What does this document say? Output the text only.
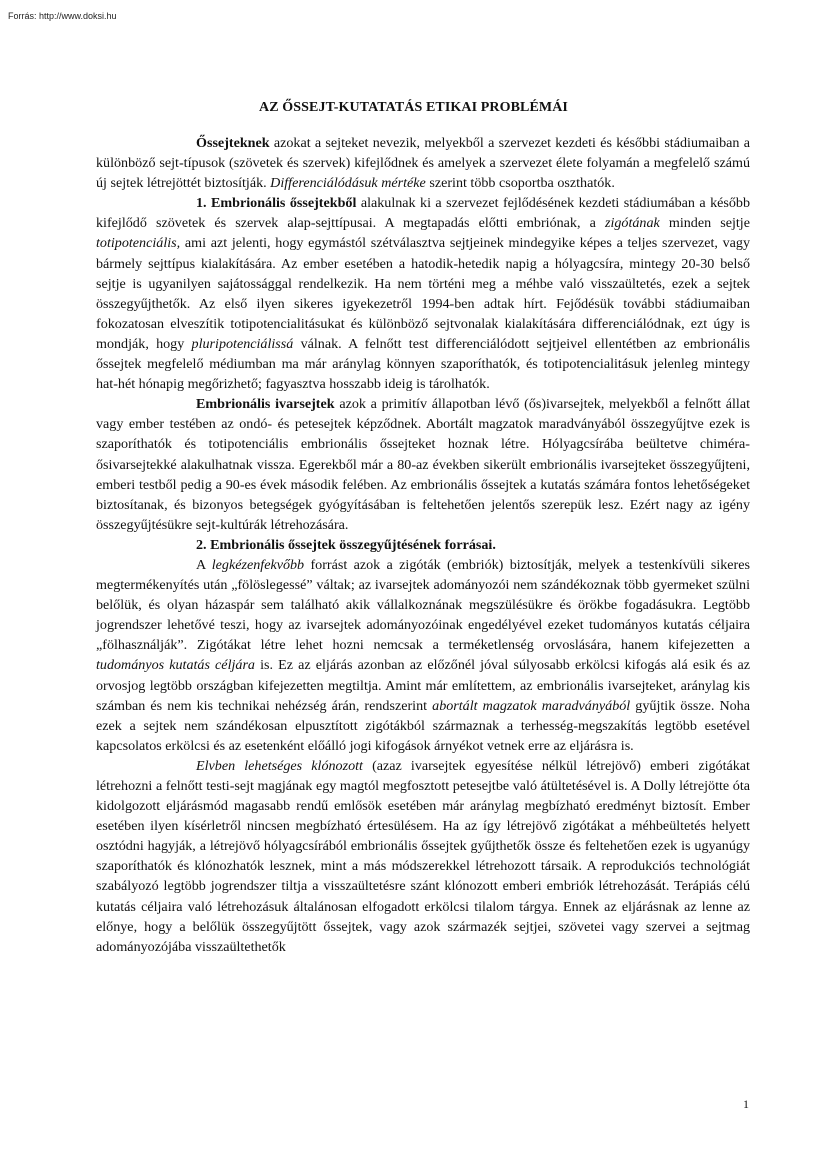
Forrás: http://www.doksi.hu
AZ ŐSSEJT-KUTATATÁS ETIKAI PROBLÉMÁI

Őssejteknek azokat a sejteket nevezik, melyekből a szervezet kezdeti és későbbi stádiumaiban a különböző sejt-típusok (szövetek és szervek) kifejlődnek és amelyek a szervezet élete folyamán a megfelelő számú új sejtek létrejöttét biztosítják. Differenciálódásuk mértéke szerint több csoportba oszthatók.

1. Embrionális őssejtekből alakulnak ki a szervezet fejlődésének kezdeti stádiumában a később kifejlődő szövetek és szervek alap-sejttípusai. A megtapadás előtti embriónak, a zigótának minden sejtje totipotenciális, ami azt jelenti, hogy egymástól szétválasztva sejtjeinek mindegyike képes a teljes szervezet, vagy bármely sejttípus kialakítására. Az ember esetében a hatodik-hetedik napig a hólyagcsíra, mintegy 20-30 belső sejtje is ugyanilyen sajátossággal rendelkezik. Ha nem történi meg a méhbe való visszaültetés, ezek a sejtek összegyűjthetők. Az első ilyen sikeres igyekezetről 1994-ben adtak hírt. Fejődésük további stádiumaiban fokozatosan elveszítik totipotencialitásukat és különböző sejtvonalak kialakítására differenciálódnak, ezt úgy is mondják, hogy pluripotenciálissá válnak. A felnőtt test differenciálódott sejtjeivel ellentétben az embrionális őssejtek megfelelő médiumban ma már aránylag könnyen szaporíthatók, és totipotencialitásuk jelenleg mintegy hat-hét hónapig megőrizhető; fagyasztva hosszabb ideig is tárolhatók.

Embrionális ivarsejtek azok a primitív állapotban lévő (ős)ivarsejtek, melyekből a felnőtt állat vagy ember testében az ondó- és petesejtek képződnek. Abortált magzatok maradványából összegyűjtve ezek is szaporíthatók és totipotenciális embrionális őssejteket hoznak létre. Hólyagcsírába beültetve chiméra-ősivarsejtekké alakulhatnak vissza. Egerekből már a 80-az években sikerült embrionális ivarsejteket összegyűjteni, emberi testből pedig a 90-es évek második felében. Az embrionális őssejtek a kutatás számára fontos lehetőségeket biztosítanak, és bizonyos betegségek gyógyításában is feltehetően jelentős szerepük lesz. Ezért nagy az igény összegyűjtésükre sejt-kultúrák létrehozására.

2. Embrionális őssejtek összegyűjtésének forrásai.

A legkézenfekvőbb forrást azok a zigóták (embriók) biztosítják, melyek a testenkívüli sikeres megtermékenyítés után „fölöslegessé” váltak; az ivarsejtek adományozói nem szándékoznak több gyermeket szülni belőlük, és olyan házaspár sem található akik vállalkoznának megszülésükre és örökbe fogadásukra. Legtöbb jogrendszer lehetővé teszi, hogy az ivarsejtek adományozóinak engedélyével ezeket tudományos kutatás céljaira „fölhasználják”. Zigótákat létre lehet hozni nemcsak a terméketlenség orvoslására, hanem kifejezetten a tudományos kutatás céljára is. Ez az eljárás azonban az előzőnél jóval súlyosabb erkölcsi kifogás alá esik és az orvosjog legtöbb országban kifejezetten megtiltja. Amint már említettem, az embrionális ivarsejteket, aránylag kis számban és nem kis technikai nehézség árán, rendszerint abortált magzatok maradványából gyűjtik össze. Noha ezek a sejtek nem szándékosan elpusztított zigótákból származnak a terhesség-megszakítás legtöbb esetével kapcsolatos erkölcsi és az esetenként előálló jogi kifogások árnyékot vetnek erre az eljárásra is.

Elvben lehetséges klónozott (azaz ivarsejtek egyesítése nélkül létrejövő) emberi zigótákat létrehozni a felnőtt testi-sejt magjának egy magtól megfosztott petesejtbe való átültetésével is. A Dolly létrejötte óta kidolgozott eljárásmód magasabb rendű emlősök esetében már aránylag megbízható eredményt biztosít. Ember esetében ilyen kísérletről nincsen megbízható értesülésem. Ha az így létrejövő zigótákat a méhbeültetés helyett osztódni hagyják, a létrejövő hólyagcsírából embrionális őssejtek gyűjthetők össze és feltehetően ezek is ugyanúgy szaporíthatók és klónozhatók lesznek, mint a más módszerekkel létrehozott társaik. A reprodukciós technológiát szabályozó legtöbb jogrendszer tiltja a visszaültetésre szánt klónozott emberi embriók létrehozását. Terápiás célú kutatás céljaira való létrehozásuk általánosan elfogadott erkölcsi tilalom tárgya. Ennek az eljárásnak az lenne az előnye, hogy a belőlük összegyűjtött őssejtek, vagy azok származék sejtjei, szövetei vagy szervei a sejtmag adományozójába visszaültethetők

1
